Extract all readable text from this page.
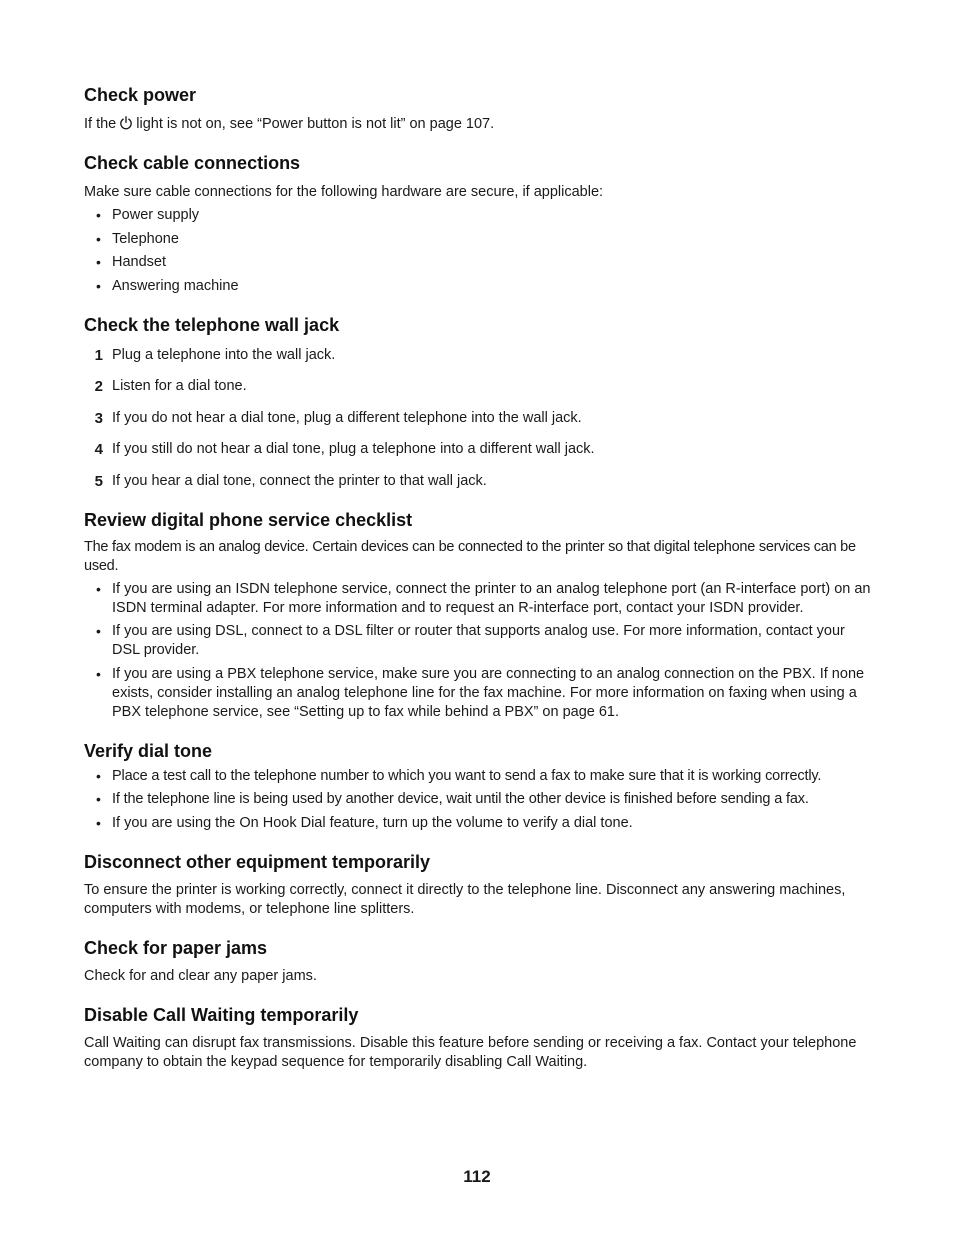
Check power

If the light is not on, see “Power button is not lit” on page 107.

Check cable connections

Make sure cable connections for the following hardware are secure, if applicable:

• Power supply
• Telephone
• Handset
• Answering machine
Check the telephone wall jack
1 Plug a telephone into the wall jack.
2 Listen for a dial tone.
3 If you do not hear a dial tone, plug a different telephone into the wall jack.
4 If you still do not hear a dial tone, plug a telephone into a different wall jack.
5 If you hear a dial tone, connect the printer to that wall jack.
Review digital phone service checklist

The fax modem is an analog device. Certain devices can be connected to the printer so that digital telephone services can be used.

• If you are using an ISDN telephone service, connect the printer to an analog telephone port (an R-interface port) on an ISDN terminal adapter. For more information and to request an R-interface port, contact your ISDN provider.
• If you are using DSL, connect to a DSL filter or router that supports analog use. For more information, contact your DSL provider.
• If you are using a PBX telephone service, make sure you are connecting to an analog connection on the PBX. If none exists, consider installing an analog telephone line for the fax machine. For more information on faxing when using a PBX telephone service, see “Setting up to fax while behind a PBX” on page 61.
Verify dial tone
• Place a test call to the telephone number to which you want to send a fax to make sure that it is working correctly.
• If the telephone line is being used by another device, wait until the other device is finished before sending a fax.
• If you are using the On Hook Dial feature, turn up the volume to verify a dial tone.
Disconnect other equipment temporarily

To ensure the printer is working correctly, connect it directly to the telephone line. Disconnect any answering machines, computers with modems, or telephone line splitters.

Check for paper jams

Check for and clear any paper jams.

Disable Call Waiting temporarily

Call Waiting can disrupt fax transmissions. Disable this feature before sending or receiving a fax. Contact your telephone company to obtain the keypad sequence for temporarily disabling Call Waiting.

112
